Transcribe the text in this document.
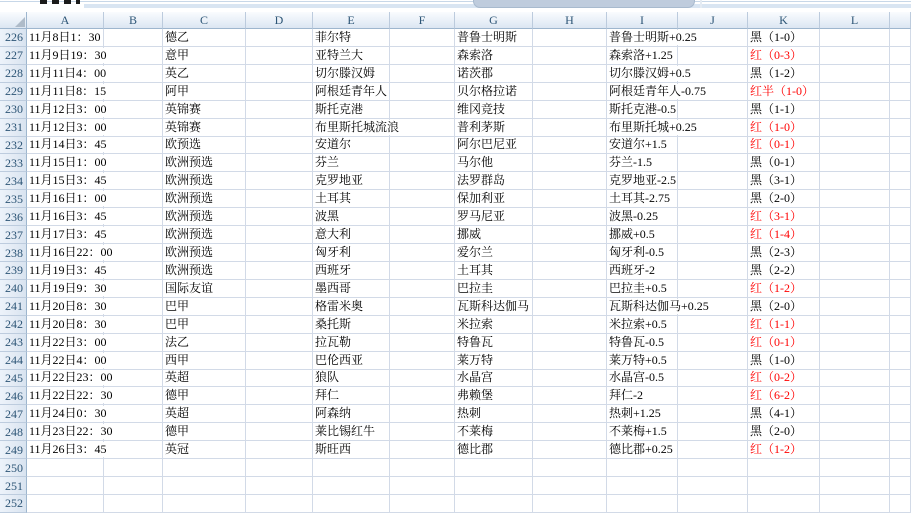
A	B	C	D	E	F	G	H	I	J	K	L
226 11月8日1：30	德乙	菲尔特	普鲁士明斯	普鲁士明斯+0.25	黑（1-0）
227 11月9日19：30	意甲	亚特兰大	森索洛	森索洛+1.25	红（0-3）
228 11月11日4：00	英乙	切尔滕汉姆	诺茨郡	切尔滕汉姆+0.5	黑（1-2）
229 11月11日8：15	阿甲	阿根廷青年人	贝尔格拉诺	阿根廷青年人-0.75	红半（1-0）
230 11月12日3：00	英锦赛	斯托克港	维冈竞技	斯托克港-0.5	黑（1-1）
231 11月12日3：00	英锦赛	布里斯托城流浪	普利茅斯	布里斯托城+0.25	红（1-0）
232 11月14日3：45	欧预选	安道尔	阿尔巴尼亚	安道尔+1.5	红（0-1）
233 11月15日1：00	欧洲预选	芬兰	马尔他	芬兰-1.5	黑（0-1）
234 11月15日3：45	欧洲预选	克罗地亚	法罗群岛	克罗地亚-2.5	黑（3-1）
235 11月16日1：00	欧洲预选	土耳其	保加利亚	土耳其-2.75	黑（2-0）
236 11月16日3：45	欧洲预选	波黑	罗马尼亚	波黑-0.25	红（3-1）
237 11月17日3：45	欧洲预选	意大利	挪威	挪威+0.5	红（1-4）
238 11月16日22：00	欧洲预选	匈牙利	爱尔兰	匈牙利-0.5	黑（2-3）
239 11月19日3：45	欧洲预选	西班牙	土耳其	西班牙-2	黑（2-2）
240 11月19日9：30	国际友谊	墨西哥	巴拉圭	巴拉圭+0.5	红（1-2）
241 11月20日8：30	巴甲	格雷米奥	瓦斯科达伽马	瓦斯科达伽马+0.25	黑（2-0）
242 11月20日8：30	巴甲	桑托斯	米拉索	米拉索+0.5	红（1-1）
243 11月22日3：00	法乙	拉瓦勒	特鲁瓦	特鲁瓦-0.5	红（0-1）
244 11月22日4：00	西甲	巴伦西亚	莱万特	莱万特+0.5	黑（1-0）
245 11月22日23：00	英超	狼队	水晶宫	水晶宫-0.5	红（0-2）
246 11月22日22：30	德甲	拜仁	弗赖堡	拜仁-2	红（6-2）
247 11月24日0：30	英超	阿森纳	热刺	热刺+1.25	黑（4-1）
248 11月23日22：30	德甲	莱比锡红牛	不莱梅	不莱梅+1.5	黑（2-0）
249 11月26日3：45	英冠	斯旺西	德比郡	德比郡+0.25	红（1-2）
250
251
252
